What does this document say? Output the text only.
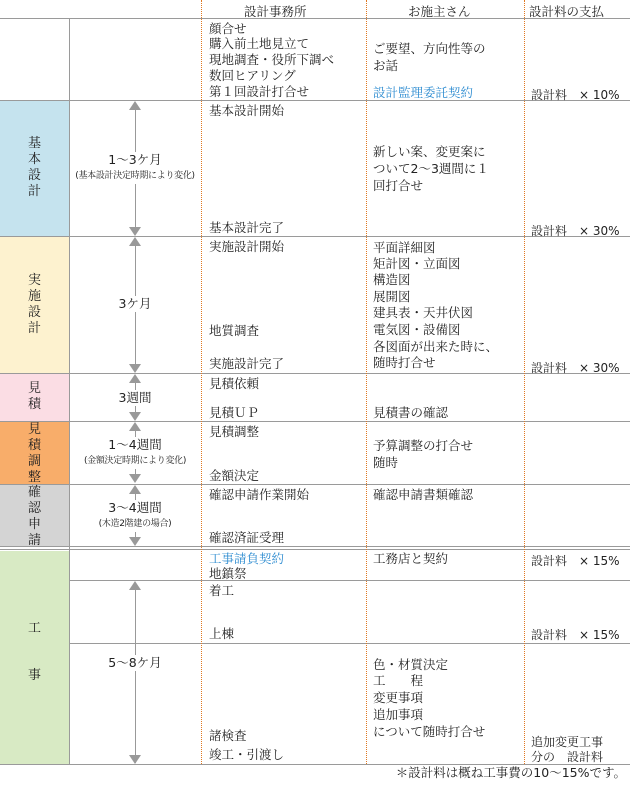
設計事務所	お施主さん	設計料の支払
基
本
設
計
実
施
設
計
見
積
見
積
調
整
確
認
申
請
工
事
1～3ケ月
(基本設計決定時期により変化)
3ケ月
3週間
1～4週間
(金額決定時期により変化)
3～4週間
(木造2階建の場合)
5～8ケ月
顔合せ
購入前土地見立て
現地調査・役所下調べ
数回ヒアリング
第１回設計打合せ
基本設計開始
基本設計完了
実施設計開始
地質調査
実施設計完了
見積依頼
見積ＵＰ
見積調整
金額決定
確認申請作業開始
確認済証受理
工事請負契約
地鎮祭
着工
上棟
諸検査
竣工・引渡し
ご要望、方向性等の
お話
設計監理委託契約
新しい案、変更案に
ついて2～3週間に１
回打合せ
平面詳細図
矩計図・立面図
構造図
展開図
建具表・天井伏図
電気図・設備図
各図面が出来た時に、
随時打合せ
見積書の確認
予算調整の打合せ
随時
確認申請書類確認
工務店と契約
色・材質決定
工　　程
変更事項
追加事項
について随時打合せ
設計料　× 10%
設計料　× 30%
設計料　× 30%
設計料　× 15%
設計料　× 15%
追加変更工事
分の　設計料
＊設計料は概ね工事費の10～15%です。
